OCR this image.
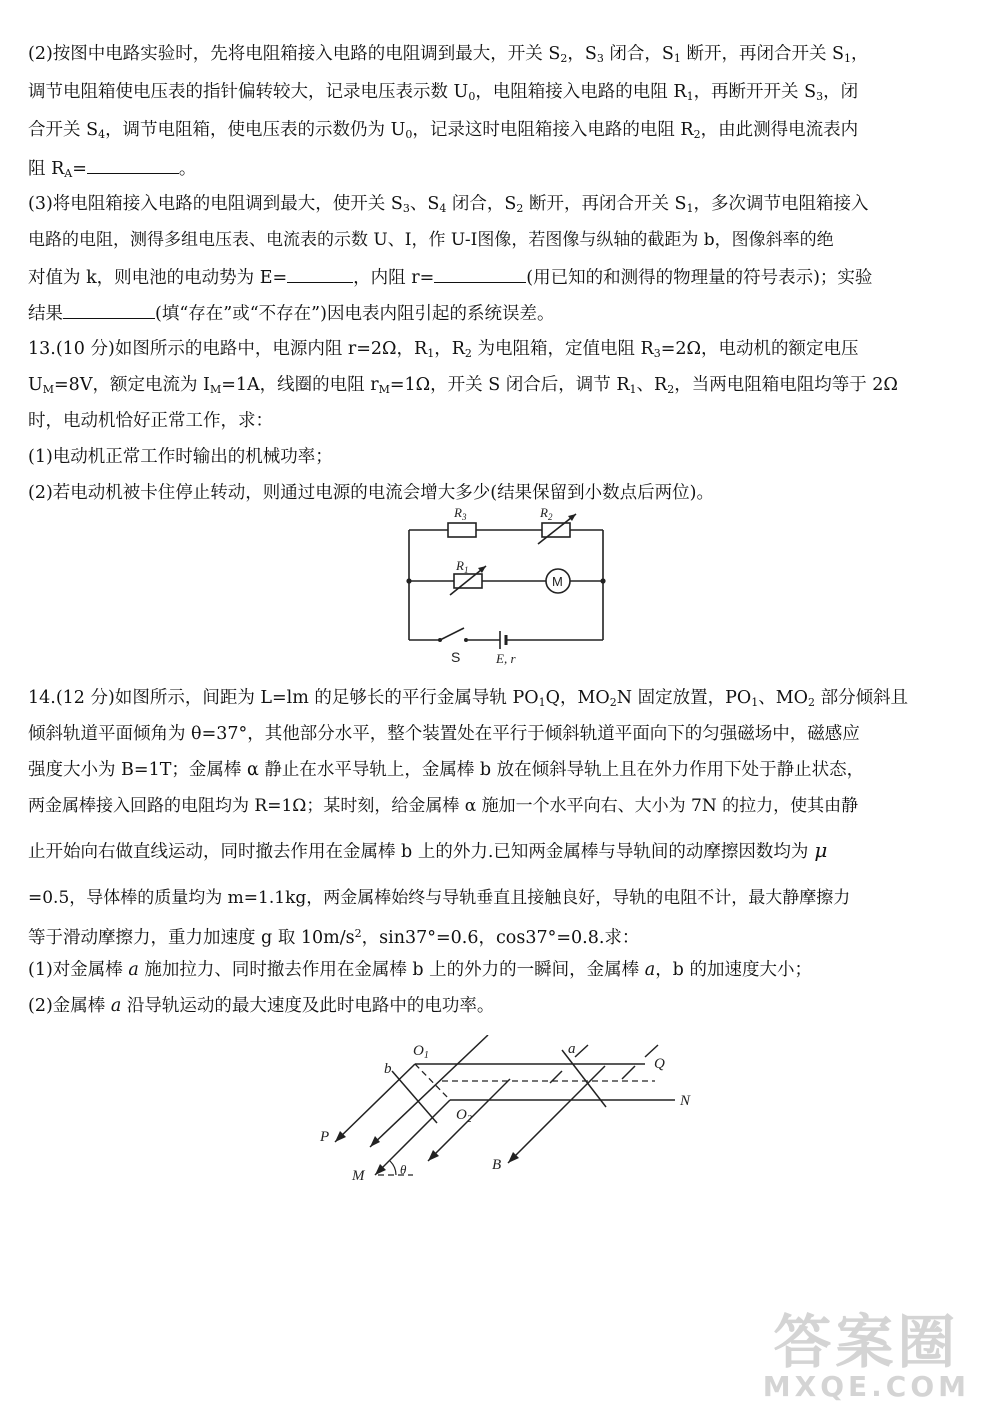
(2)按图中电路实验时，先将电阻箱接入电路的电阻调到最大，开关 $S_2$，$S_3$ 闭合，$S_1$ 断开，再闭合开关 $S_1$，
调节电阻箱使电压表的指针偏转较大，记录电压表示数 $U_0$，电阻箱接入电路的电阻 $R_1$，再断开开关 $S_3$，闭
合开关 $S_4$，调节电阻箱，使电压表的示数仍为 $U_0$，记录这时电阻箱接入电路的电阻 $R_2$，由此测得电流表内
阻 $R_A=$	。
(3)将电阻箱接入电路的电阻调到最大，使开关 $S_3$、$S_4$ 闭合，$S_2$ 断开，再闭合开关 $S_1$，多次调节电阻箱接入
电路的电阻，测得多组电压表、电流表的示数 U、I，作 U-I图像，若图像与纵轴的截距为 b，图像斜率的绝
对值为 k，则电池的电动势为 E=	，内阻 r=	(用已知的和测得的物理量的符号表示)；实验
结果	(填“存在”或“不存在”)因电表内阻引起的系统误差。
13.(10 分)如图所示的电路中，电源内阻 r=2Ω，$R_1$，$R_2$ 为电阻箱，定值电阻 $R_3=2\Omega$，电动机的额定电压
$U_M=8V$，额定电流为 $I_M=1A$，线圈的电阻 $r_M=1\Omega$，开关 S 闭合后，调节 $R_1$、$R_2$，当两电阻箱电阻均等于 2Ω
时，电动机恰好正常工作，求：
(1)电动机正常工作时输出的机械功率；
(2)若电动机被卡住停止转动，则通过电源的电流会增大多少(结果保留到小数点后两位)。
$R_3$	$R_2$
$R_1$
E, r
M
S
14.(12 分)如图所示，间距为 L=lm 的足够长的平行金属导轨 $PO_1Q$，$MO_2N$ 固定放置，$PO_1$、$MO_2$ 部分倾斜且
倾斜轨道平面倾角为 θ=37°，其他部分水平，整个装置处在平行于倾斜轨道平面向下的匀强磁场中，磁感应
强度大小为 B=1T；金属棒 α 静止在水平导轨上，金属棒 b 放在倾斜导轨上且在外力作用下处于静止状态，
两金属棒接入回路的电阻均为 R=1Ω；某时刻，给金属棒 α 施加一个水平向右、大小为 7N 的拉力，使其由静
止开始向右做直线运动，同时撤去作用在金属棒 b 上的外力.已知两金属棒与导轨间的动摩擦因数均为 μ
=0.5，导体棒的质量均为 m=1.1kg，两金属棒始终与导轨垂直且接触良好，导轨的电阻不计，最大静摩擦力
等于滑动摩擦力，重力加速度 g 取 $10m/s^2$，sin37°=0.6，cos37°=0.8.求：
(1)对金属棒 a 施加拉力、同时撤去作用在金属棒 b 上的外力的一瞬间，金属棒 a，b 的加速度大小；
(2)金属棒 a 沿导轨运动的最大速度及此时电路中的电功率。
$O_1$
$O_2$
a
b	Q
N
P
M	θ	B
答案圈
MXQE.COM
